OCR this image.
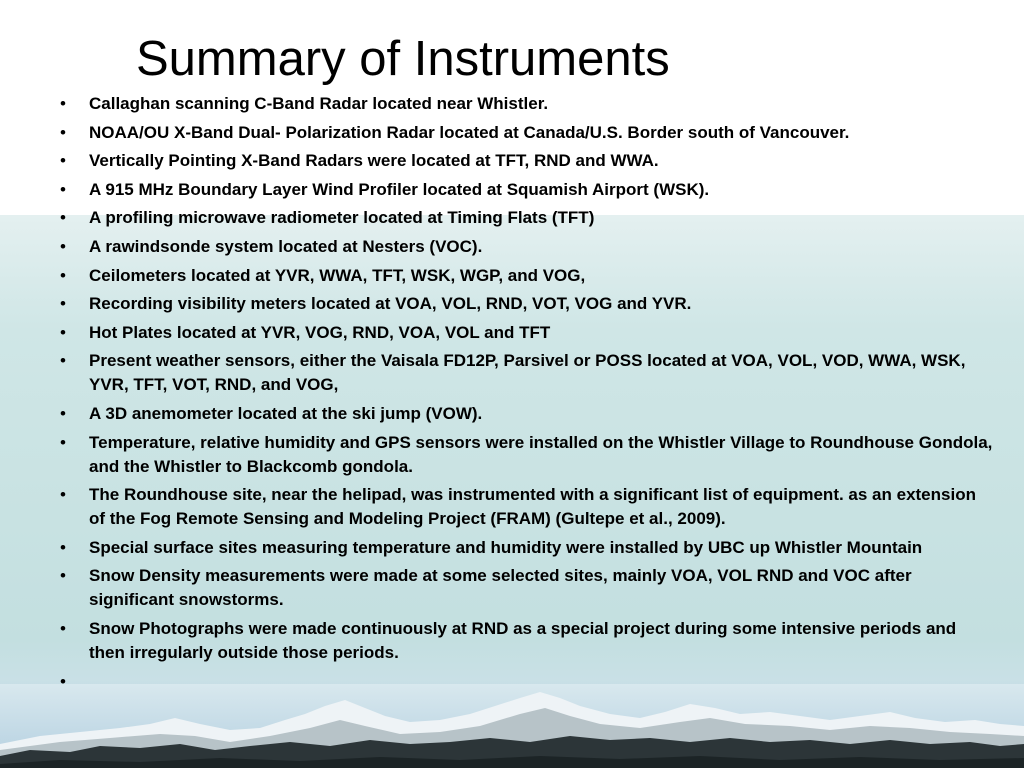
Summary of Instruments
•	Callaghan scanning C-Band Radar located near Whistler.
•	NOAA/OU X-Band Dual- Polarization Radar located at Canada/U.S. Border south of Vancouver.
•	Vertically Pointing X-Band Radars were located at TFT, RND and WWA.
•	A 915 MHz Boundary Layer Wind Profiler located at Squamish Airport (WSK).
•	A profiling microwave radiometer located at Timing Flats (TFT)
•	A rawindsonde system located at Nesters (VOC).
•	Ceilometers located at YVR, WWA, TFT, WSK, WGP, and VOG,
•	Recording visibility meters located at VOA, VOL, RND, VOT, VOG and YVR.
•	Hot Plates located at YVR, VOG, RND, VOA, VOL and TFT
•	Present weather sensors, either the Vaisala FD12P, Parsivel or POSS located at VOA, VOL, VOD, WWA, WSK, YVR, TFT, VOT, RND, and VOG,
•	A 3D anemometer located at the ski jump (VOW).
•	Temperature, relative humidity and GPS sensors were installed on the Whistler Village to Roundhouse Gondola, and the Whistler to Blackcomb gondola.
•	The Roundhouse site, near the helipad, was instrumented with a significant list of equipment. as an extension of the Fog Remote Sensing and Modeling Project (FRAM) (Gultepe et al., 2009).
•	Special surface sites measuring temperature and humidity were installed by UBC up Whistler Mountain
•	Snow Density measurements were made at some selected sites, mainly VOA, VOL RND and VOC after significant snowstorms.
•	Snow Photographs were made continuously at RND as a special project during some intensive periods and then irregularly outside those periods.
•
